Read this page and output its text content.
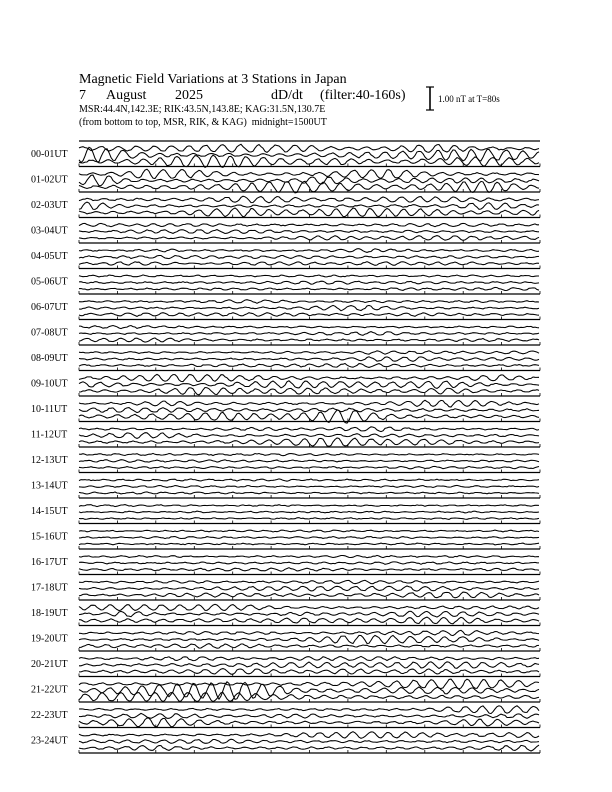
Magnetic Field Variations at 3 Stations in Japan
7 August 2025	dD/dt (filter:40-160s)
MSR:44.4N,142.3E; RIK:43.5N,143.8E; KAG:31.5N,130.7E
(from bottom to top, MSR, RIK, & KAG) midnight=1500UT
1.00 nT at T=80s
00-01UT
01-02UT
02-03UT
03-04UT
04-05UT
05-06UT
06-07UT
07-08UT
08-09UT
09-10UT
10-11UT
11-12UT
12-13UT
13-14UT
14-15UT
15-16UT
16-17UT
17-18UT
18-19UT
19-20UT
20-21UT
21-22UT
22-23UT
23-24UT
